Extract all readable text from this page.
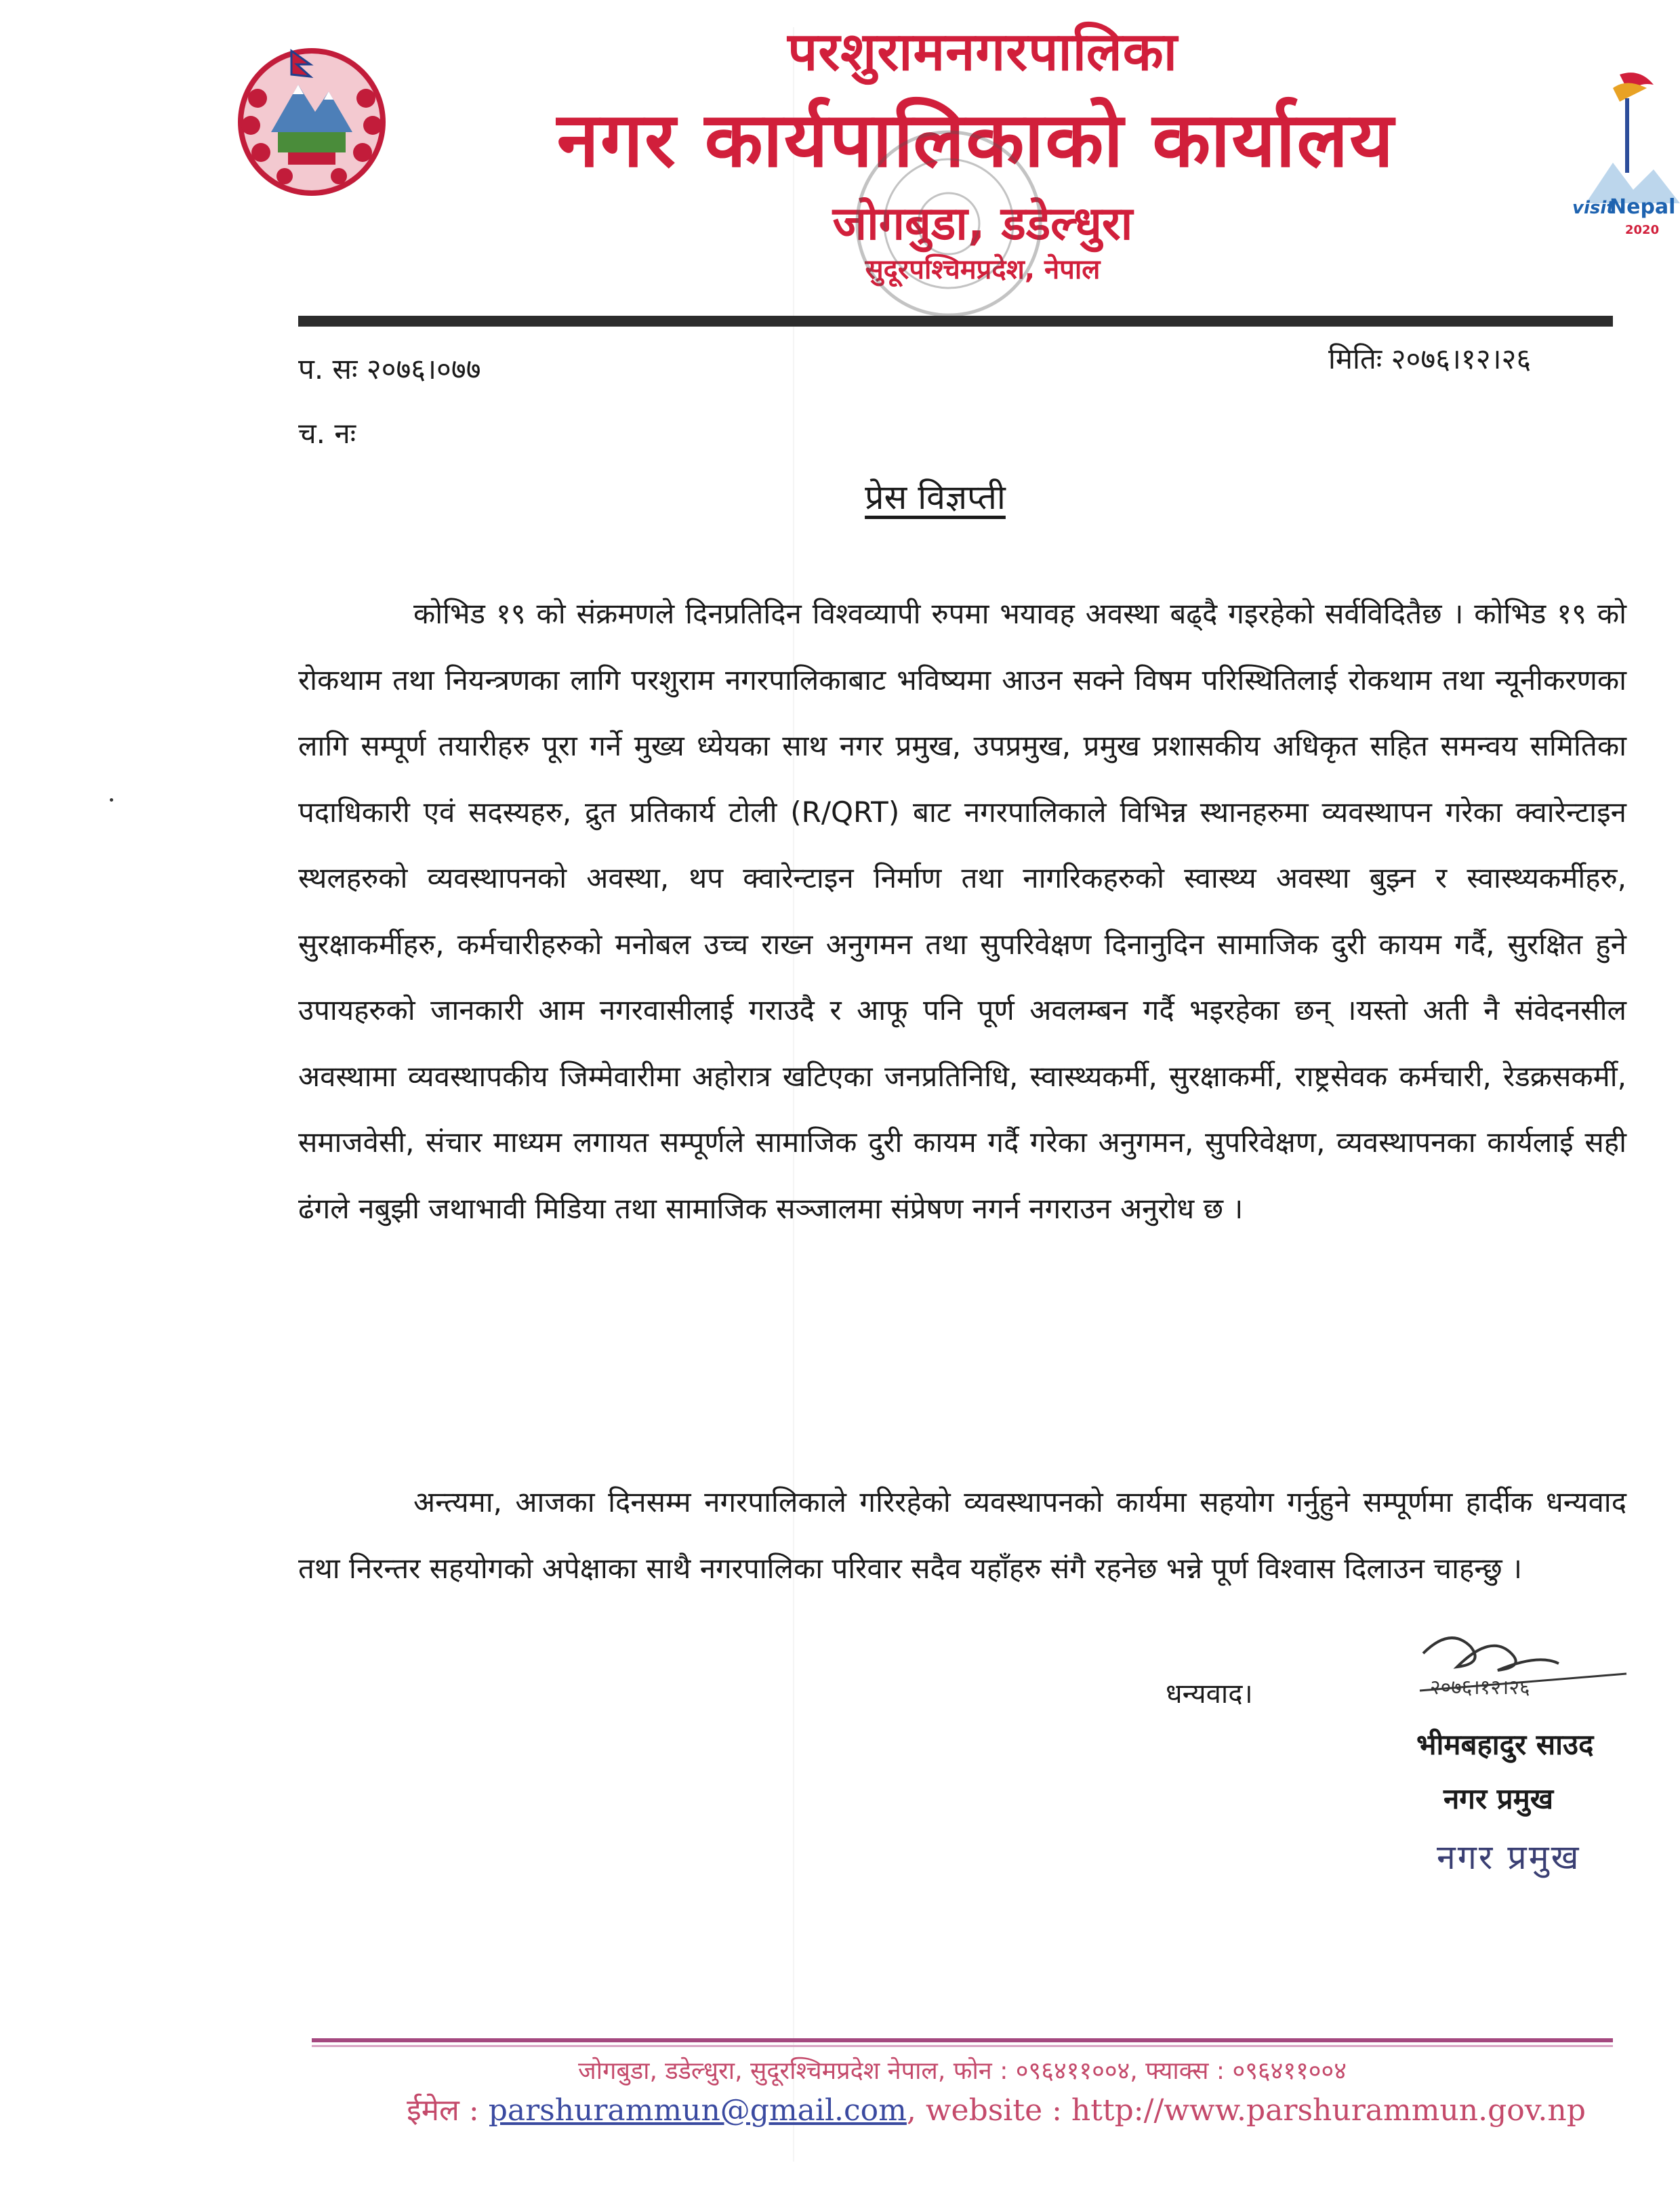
परशुरामनगरपालिका
नगर कार्यपालिकाको कार्यालय
जोगबुडा, डडेल्धुरा
सुदूरपश्चिमप्रदेश, नेपाल
visit
Nepal
2020
प. सः २०७६।०७७	मितिः २०७६।१२।२६
च. नः
प्रेस विज्ञप्ती

कोभिड १९ को संक्रमणले दिनप्रतिदिन विश्वव्यापी रुपमा भयावह अवस्था बढ्दै गइरहेको सर्वविदितैछ । कोभिड १९ को रोकथाम तथा नियन्त्रणका लागि परशुराम नगरपालिकाबाट भविष्यमा आउन सक्ने विषम परिस्थितिलाई रोकथाम तथा न्यूनीकरणका लागि सम्पूर्ण तयारीहरु पूरा गर्ने मुख्य ध्येयका साथ नगर प्रमुख, उपप्रमुख, प्रमुख प्रशासकीय अधिकृत सहित समन्वय समितिका पदाधिकारी एवं सदस्यहरु, द्रुत प्रतिकार्य टोली (R/QRT) बाट नगरपालिकाले विभिन्न स्थानहरुमा व्यवस्थापन गरेका क्वारेन्टाइन स्थलहरुको व्यवस्थापनको अवस्था, थप क्वारेन्टाइन निर्माण तथा नागरिकहरुको स्वास्थ्य अवस्था बुझ्न र स्वास्थ्यकर्मीहरु, सुरक्षाकर्मीहरु, कर्मचारीहरुको मनोबल उच्च राख्न अनुगमन तथा सुपरिवेक्षण दिनानुदिन सामाजिक दुरी कायम गर्दै, सुरक्षित हुने उपायहरुको जानकारी आम नगरवासीलाई गराउदै र आफू पनि पूर्ण अवलम्बन गर्दै भइरहेका छन् ।यस्तो अती नै संवेदनसील अवस्थामा व्यवस्थापकीय जिम्मेवारीमा अहोरात्र खटिएका जनप्रतिनिधि, स्वास्थ्यकर्मी, सुरक्षाकर्मी, राष्ट्रसेवक कर्मचारी, रेडक्रसकर्मी, समाजवेसी, संचार माध्यम लगायत सम्पूर्णले सामाजिक दुरी कायम गर्दै गरेका अनुगमन, सुपरिवेक्षण, व्यवस्थापनका कार्यलाई सही ढंगले नबुझी जथाभावी मिडिया तथा सामाजिक सञ्जालमा संप्रेषण नगर्न नगराउन अनुरोध छ ।

अन्त्यमा, आजका दिनसम्म नगरपालिकाले गरिरहेको व्यवस्थापनको कार्यमा सहयोग गर्नुहुने सम्पूर्णमा हार्दीक धन्यवाद तथा निरन्तर सहयोगको अपेक्षाका साथै नगरपालिका परिवार सदैव यहाँहरु संगै रहनेछ भन्ने पूर्ण विश्वास दिलाउन चाहन्छु ।

धन्यवाद।	२०७६।१२।२६
भीमबहादुर साउद
नगर प्रमुख
नगर प्रमुख
जोगबुडा, डडेल्धुरा, सुदूरश्चिमप्रदेश नेपाल, फोन : ०९६४११००४, फ्याक्स : ०९६४११००४
ईमेल : parshurammun@gmail.com, website : http://www.parshurammun.gov.np
